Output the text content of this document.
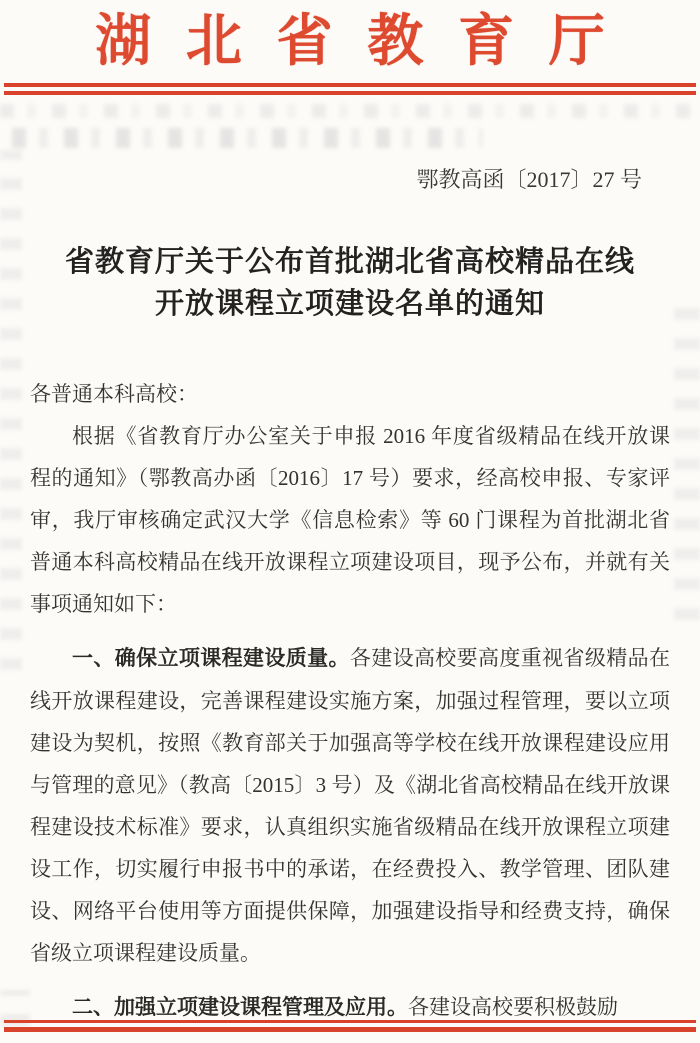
湖北省教育厅
鄂教高函〔2017〕27 号
省教育厅关于公布首批湖北省高校精品在线
开放课程立项建设名单的通知

各普通本科高校：

根据《省教育厅办公室关于申报 2016 年度省级精品在线开放课程的通知》（鄂教高办函〔2016〕17 号）要求，经高校申报、专家评审，我厅审核确定武汉大学《信息检索》等 60 门课程为首批湖北省普通本科高校精品在线开放课程立项建设项目，现予公布，并就有关事项通知如下：

一、确保立项课程建设质量。各建设高校要高度重视省级精品在线开放课程建设，完善课程建设实施方案，加强过程管理，要以立项建设为契机，按照《教育部关于加强高等学校在线开放课程建设应用与管理的意见》（教高〔2015〕3 号）及《湖北省高校精品在线开放课程建设技术标准》要求，认真组织实施省级精品在线开放课程立项建设工作，切实履行申报书中的承诺，在经费投入、教学管理、团队建设、网络平台使用等方面提供保障，加强建设指导和经费支持，确保省级立项课程建设质量。

二、加强立项建设课程管理及应用。各建设高校要积极鼓励
